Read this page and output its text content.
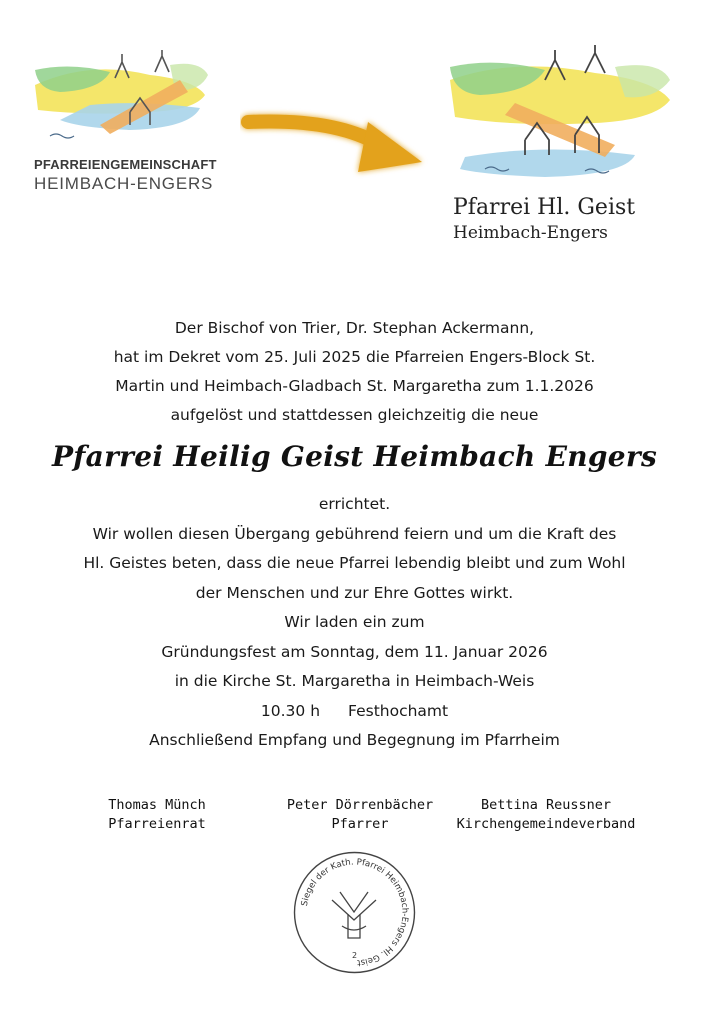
PFARREIENGEMEINSCHAFT
HEIMBACH-ENGERS
Pfarrei Hl. Geist
Heimbach-Engers
Der Bischof von Trier, Dr. Stephan Ackermann,
hat im Dekret vom 25. Juli 2025 die Pfarreien Engers-Block St.
Martin und Heimbach-Gladbach St. Margaretha zum 1.1.2026
aufgelöst und stattdessen gleichzeitig die neue
Pfarrei Heilig Geist Heimbach Engers
errichtet.
Wir wollen diesen Übergang gebührend feiern und um die Kraft des
Hl. Geistes beten, dass die neue Pfarrei lebendig bleibt und zum Wohl
der Menschen und zur Ehre Gottes wirkt.
Wir laden ein zum
Gründungsfest am Sonntag, dem 11. Januar 2026
in die Kirche St. Margaretha in Heimbach-Weis
10.30 h Festhochamt
Anschließend Empfang und Begegnung im Pfarrheim
Thomas Münch
Pfarreienrat
Peter Dörrenbächer
Pfarrer
Bettina Reussner
Kirchengemeindeverband
Siegel der Kath. Pfarrei Heimbach-Engers Hl. Geist
2
